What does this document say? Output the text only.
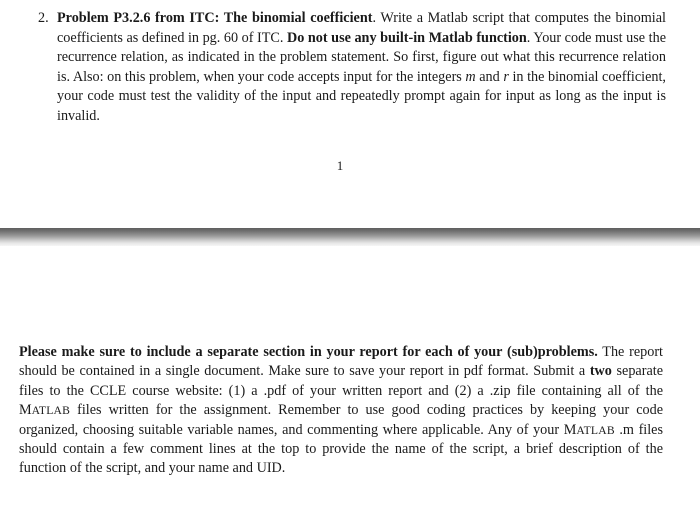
2. Problem P3.2.6 from ITC: The binomial coefficient. Write a Matlab script that computes the binomial coefficients as defined in pg. 60 of ITC. Do not use any built-in Matlab function. Your code must use the recurrence relation, as indicated in the problem statement. So first, figure out what this recurrence relation is. Also: on this problem, when your code accepts input for the integers m and r in the binomial coefficient, your code must test the validity of the input and repeatedly prompt again for input as long as the input is invalid.
1
Please make sure to include a separate section in your report for each of your (sub)problems. The report should be contained in a single document. Make sure to save your report in pdf format. Submit a two separate files to the CCLE course website: (1) a .pdf of your written report and (2) a .zip file containing all of the MATLAB files written for the assignment. Remember to use good coding practices by keeping your code organized, choosing suitable variable names, and commenting where applicable. Any of your MATLAB .m files should contain a few comment lines at the top to provide the name of the script, a brief description of the function of the script, and your name and UID.
